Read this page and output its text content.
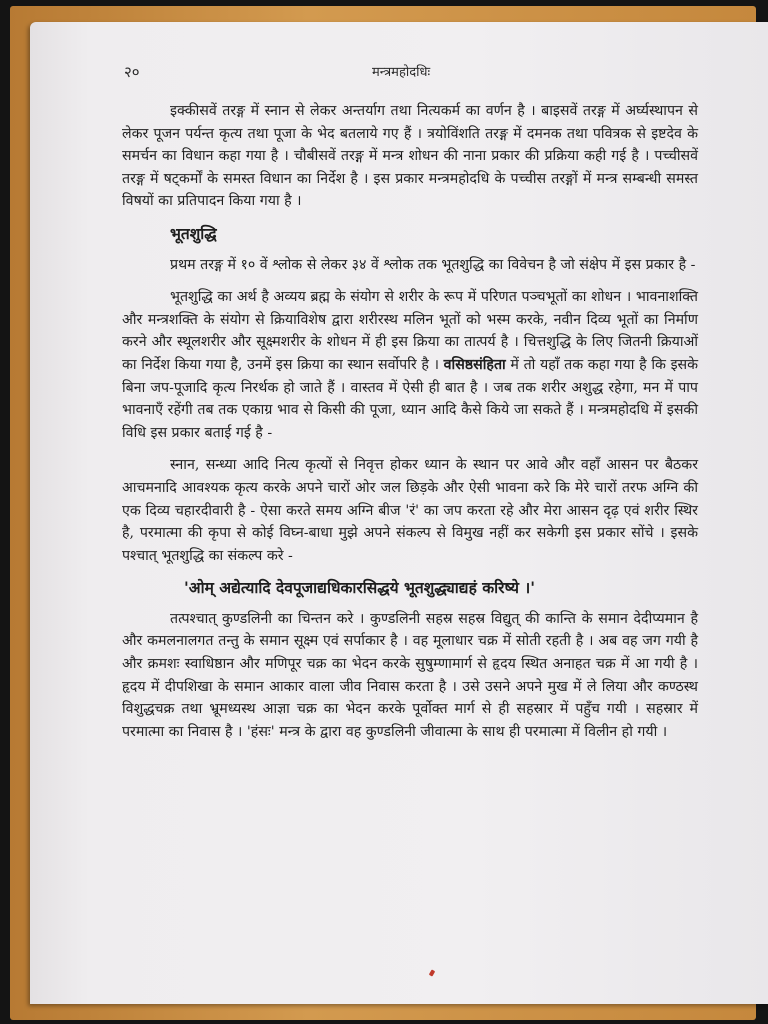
२०	मन्त्रमहोदधिः

इक्कीसवें तरङ्ग में स्नान से लेकर अन्तर्याग तथा नित्यकर्म का वर्णन है । बाइसवें तरङ्ग में अर्घ्यस्थापन से लेकर पूजन पर्यन्त कृत्य तथा पूजा के भेद बतलाये गए हैं । त्रयोविंशति तरङ्ग में दमनक तथा पवित्रक से इष्टदेव के समर्चन का विधान कहा गया है । चौबीसवें तरङ्ग में मन्त्र शोधन की नाना प्रकार की प्रक्रिया कही गई है । पच्चीसवें तरङ्ग में षट्कर्मों के समस्त विधान का निर्देश है । इस प्रकार मन्त्रमहोदधि के पच्चीस तरङ्गों में मन्त्र सम्बन्धी समस्त विषयों का प्रतिपादन किया गया है ।

भूतशुद्धि

प्रथम तरङ्ग में १० वें श्लोक से लेकर ३४ वें श्लोक तक भूतशुद्धि का विवेचन है जो संक्षेप में इस प्रकार है -

भूतशुद्धि का अर्थ है अव्यय ब्रह्म के संयोग से शरीर के रूप में परिणत पञ्चभूतों का शोधन । भावनाशक्ति और मन्त्रशक्ति के संयोग से क्रियाविशेष द्वारा शरीरस्थ मलिन भूतों को भस्म करके, नवीन दिव्य भूतों का निर्माण करने और स्थूलशरीर और सूक्ष्मशरीर के शोधन में ही इस क्रिया का तात्पर्य है । चित्तशुद्धि के लिए जितनी क्रियाओं का निर्देश किया गया है, उनमें इस क्रिया का स्थान सर्वोपरि है । वसिष्ठसंहिता में तो यहाँ तक कहा गया है कि इसके बिना जप-पूजादि कृत्य निरर्थक हो जाते हैं । वास्तव में ऐसी ही बात है । जब तक शरीर अशुद्ध रहेगा, मन में पाप भावनाएँ रहेंगी तब तक एकाग्र भाव से किसी की पूजा, ध्यान आदि कैसे किये जा सकते हैं । मन्त्रमहोदधि में इसकी विधि इस प्रकार बताई गई है -

स्नान, सन्ध्या आदि नित्य कृत्यों से निवृत्त होकर ध्यान के स्थान पर आवे और वहाँ आसन पर बैठकर आचमनादि आवश्यक कृत्य करके अपने चारों ओर जल छिड़के और ऐसी भावना करे कि मेरे चारों तरफ अग्नि की एक दिव्य चहारदीवारी है - ऐसा करते समय अग्नि बीज 'रं' का जप करता रहे और मेरा आसन दृढ़ एवं शरीर स्थिर है, परमात्मा की कृपा से कोई विघ्न-बाधा मुझे अपने संकल्प से विमुख नहीं कर सकेगी इस प्रकार सोंचे । इसके पश्चात् भूतशुद्धि का संकल्प करे -

'ओम् अद्येत्यादि देवपूजाद्यधिकारसिद्धये भूतशुद्ध्याद्यहं करिष्ये ।'

तत्पश्चात् कुण्डलिनी का चिन्तन करे । कुण्डलिनी सहस्र सहस्र विद्युत् की कान्ति के समान देदीप्यमान है और कमलनालगत तन्तु के समान सूक्ष्म एवं सर्पाकार है । वह मूलाधार चक्र में सोती रहती है । अब वह जग गयी है और क्रमशः स्वाधिष्ठान और मणिपूर चक्र का भेदन करके सुषुम्णामार्ग से हृदय स्थित अनाहत चक्र में आ गयी है । हृदय में दीपशिखा के समान आकार वाला जीव निवास करता है । उसे उसने अपने मुख में ले लिया और कण्ठस्थ विशुद्धचक्र तथा भ्रूमध्यस्थ आज्ञा चक्र का भेदन करके पूर्वोक्त मार्ग से ही सहस्रार में पहुँच गयी । सहस्रार में परमात्मा का निवास है । 'हंसः' मन्त्र के द्वारा वह कुण्डलिनी जीवात्मा के साथ ही परमात्मा में विलीन हो गयी ।
